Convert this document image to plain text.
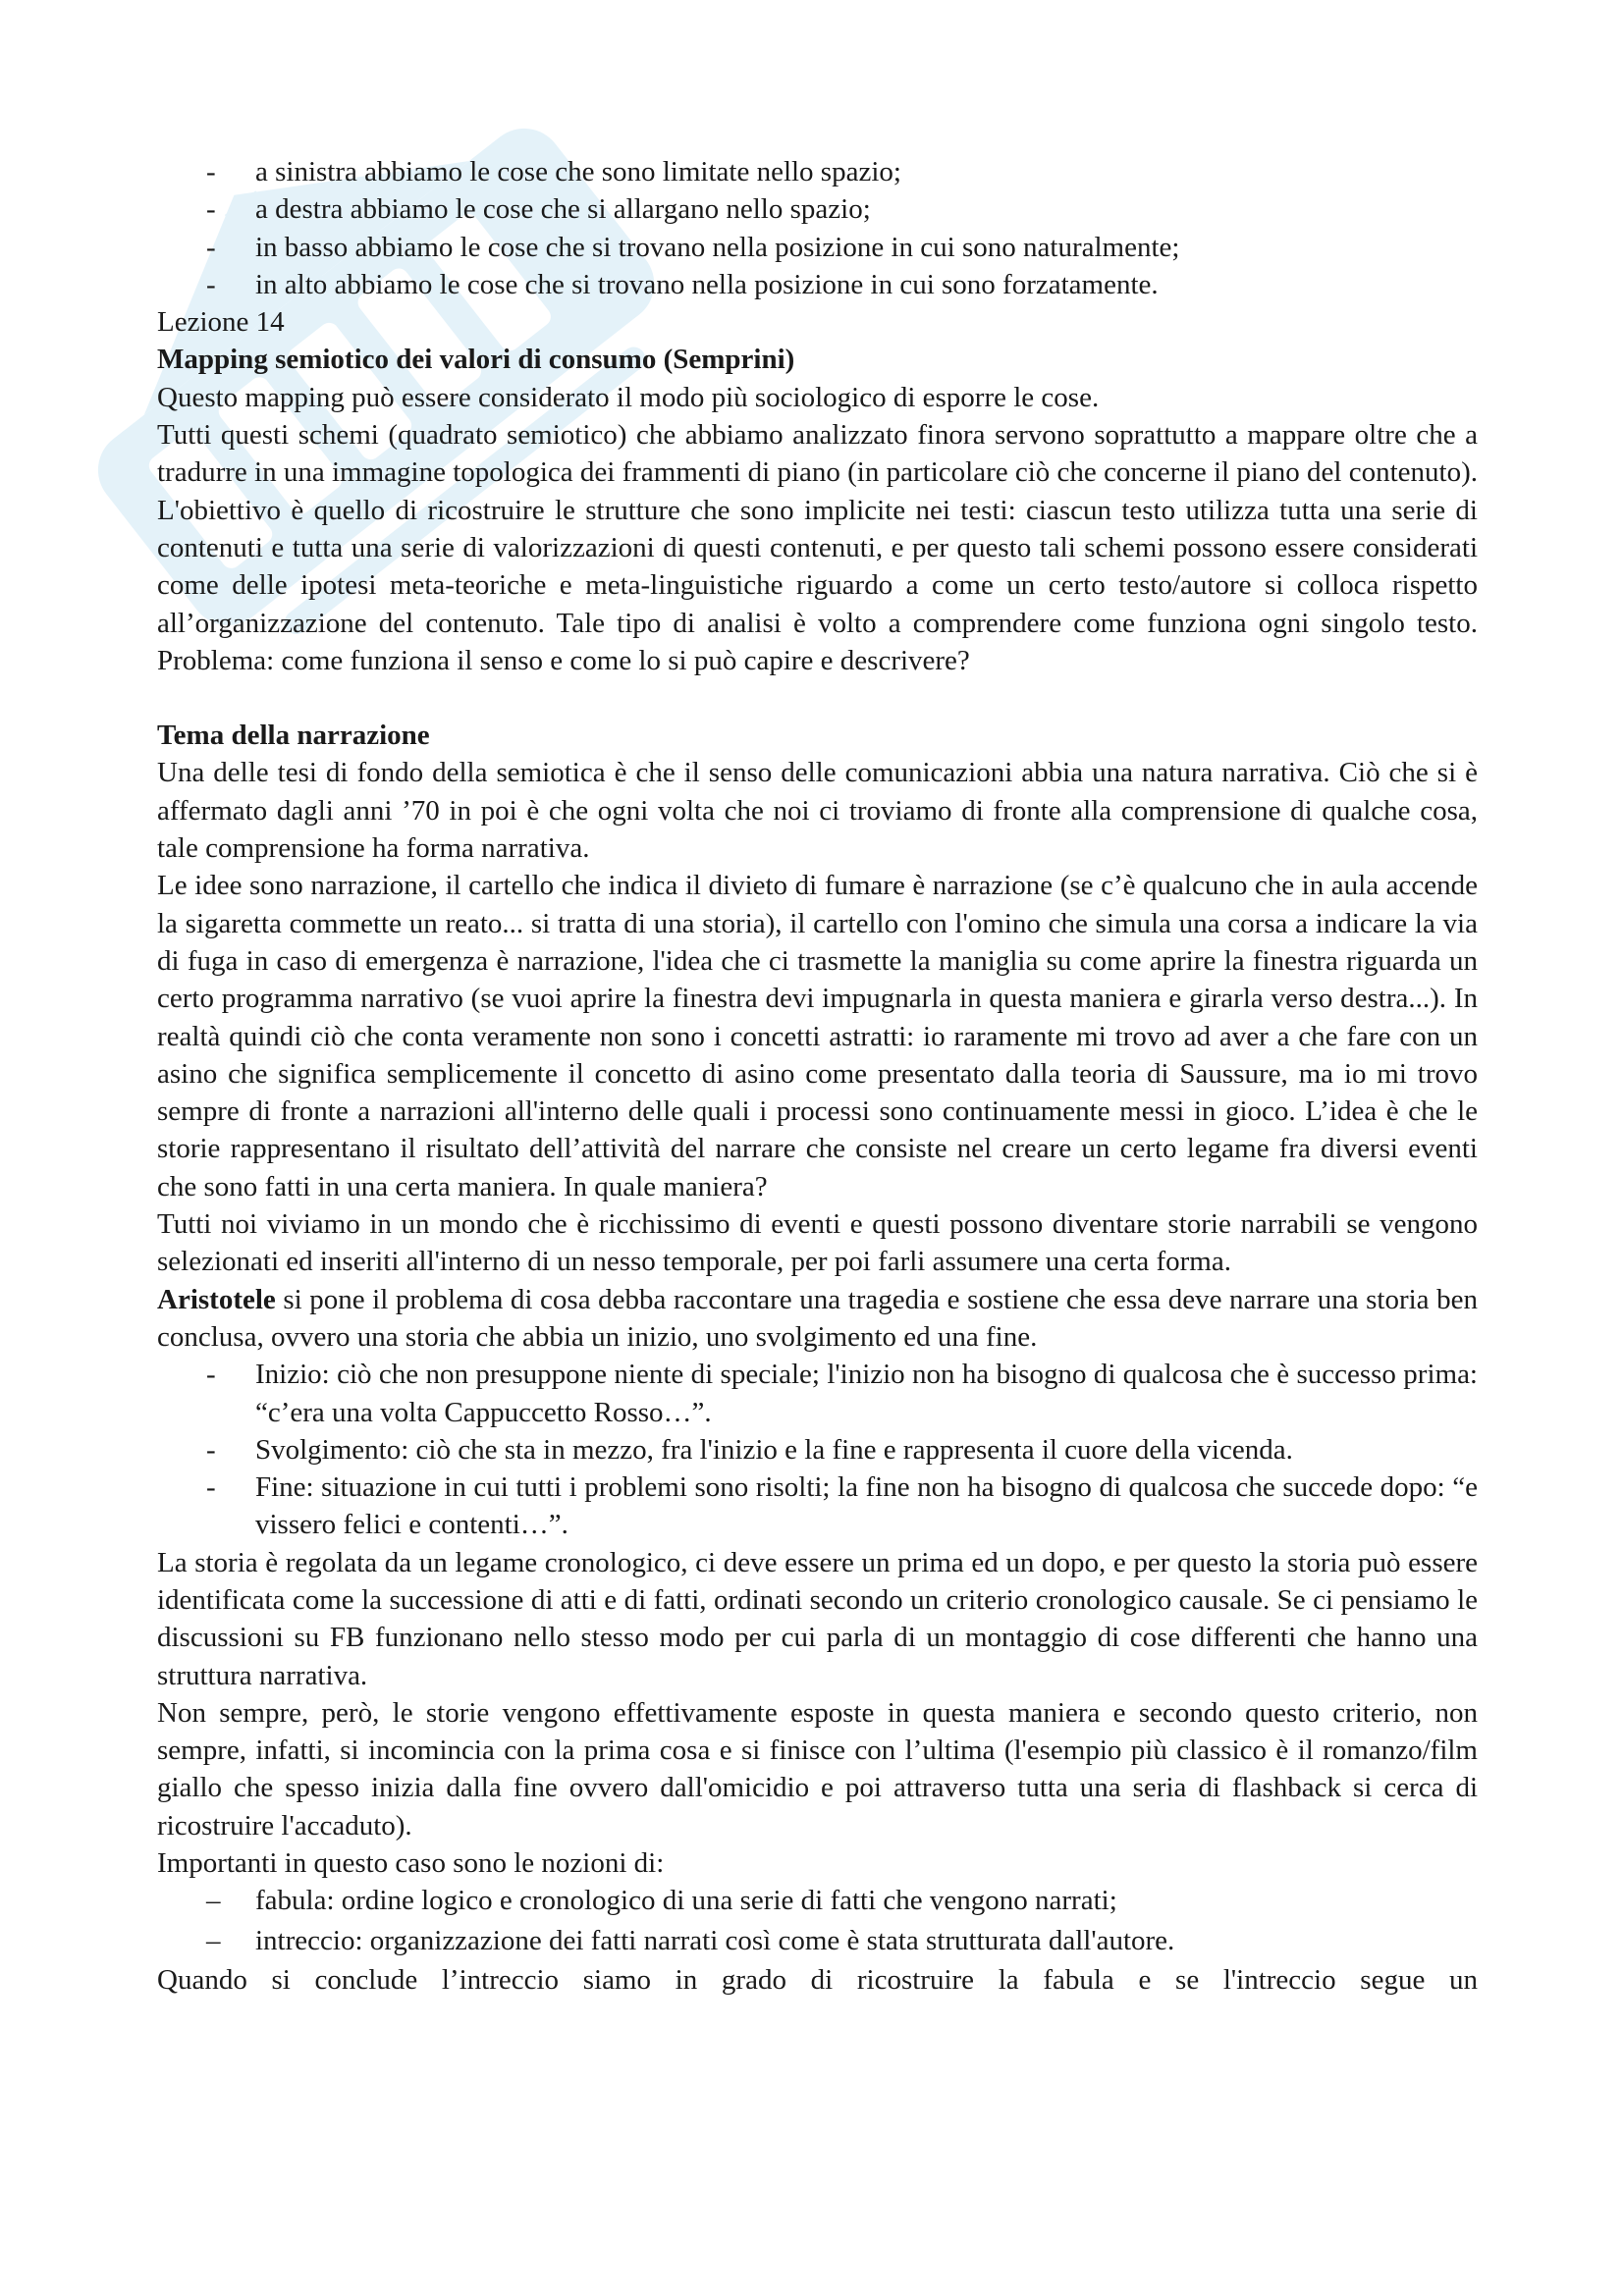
- a sinistra abbiamo le cose che sono limitate nello spazio;
- a destra abbiamo le cose che si allargano nello spazio;
- in basso abbiamo le cose che si trovano nella posizione in cui sono naturalmente;
- in alto abbiamo le cose che si trovano nella posizione in cui sono forzatamente.
Lezione 14
Mapping semiotico dei valori di consumo (Semprini)

Questo mapping può essere considerato il modo più sociologico di esporre le cose.

Tutti questi schemi (quadrato semiotico) che abbiamo analizzato finora servono soprattutto a mappare oltre che a tradurre in una immagine topologica dei frammenti di piano (in particolare ciò che concerne il piano del contenuto). L'obiettivo è quello di ricostruire le strutture che sono implicite nei testi: ciascun testo utilizza tutta una serie di contenuti e tutta una serie di valorizzazioni di questi contenuti, e per questo tali schemi possono essere considerati come delle ipotesi meta-teoriche e meta-linguistiche riguardo a come un certo testo/autore si colloca rispetto all’organizzazione del contenuto. Tale tipo di analisi è volto a comprendere come funziona ogni singolo testo. Problema: come funziona il senso e come lo si può capire e descrivere?

Tema della narrazione

Una delle tesi di fondo della semiotica è che il senso delle comunicazioni abbia una natura narrativa. Ciò che si è affermato dagli anni ’70 in poi è che ogni volta che noi ci troviamo di fronte alla comprensione di qualche cosa, tale comprensione ha forma narrativa.

Le idee sono narrazione, il cartello che indica il divieto di fumare è narrazione (se c’è qualcuno che in aula accende la sigaretta commette un reato... si tratta di una storia), il cartello con l'omino che simula una corsa a indicare la via di fuga in caso di emergenza è narrazione, l'idea che ci trasmette la maniglia su come aprire la finestra riguarda un certo programma narrativo (se vuoi aprire la finestra devi impugnarla in questa maniera e girarla verso destra...). In realtà quindi ciò che conta veramente non sono i concetti astratti: io raramente mi trovo ad aver a che fare con un asino che significa semplicemente il concetto di asino come presentato dalla teoria di Saussure, ma io mi trovo sempre di fronte a narrazioni all'interno delle quali i processi sono continuamente messi in gioco. L’idea è che le storie rappresentano il risultato dell’attività del narrare che consiste nel creare un certo legame fra diversi eventi che sono fatti in una certa maniera. In quale maniera?

Tutti noi viviamo in un mondo che è ricchissimo di eventi e questi possono diventare storie narrabili se vengono selezionati ed inseriti all'interno di un nesso temporale, per poi farli assumere una certa forma.

Aristotele si pone il problema di cosa debba raccontare una tragedia e sostiene che essa deve narrare una storia ben conclusa, ovvero una storia che abbia un inizio, uno svolgimento ed una fine.

- Inizio: ciò che non presuppone niente di speciale; l'inizio non ha bisogno di qualcosa che è successo prima: “c’era una volta Cappuccetto Rosso…”.
- Svolgimento: ciò che sta in mezzo, fra l'inizio e la fine e rappresenta il cuore della vicenda.
- Fine: situazione in cui tutti i problemi sono risolti; la fine non ha bisogno di qualcosa che succede dopo: “e vissero felici e contenti…”.

La storia è regolata da un legame cronologico, ci deve essere un prima ed un dopo, e per questo la storia può essere identificata come la successione di atti e di fatti, ordinati secondo un criterio cronologico causale. Se ci pensiamo le discussioni su FB funzionano nello stesso modo per cui parla di un montaggio di cose differenti che hanno una struttura narrativa.

Non sempre, però, le storie vengono effettivamente esposte in questa maniera e secondo questo criterio, non sempre, infatti, si incomincia con la prima cosa e si finisce con l’ultima (l'esempio più classico è il romanzo/film giallo che spesso inizia dalla fine ovvero dall'omicidio e poi attraverso tutta una seria di flashback si cerca di ricostruire l'accaduto).

Importanti in questo caso sono le nozioni di:
– fabula: ordine logico e cronologico di una serie di fatti che vengono narrati;
– intreccio: organizzazione dei fatti narrati così come è stata strutturata dall'autore.

Quando si conclude l’intreccio siamo in grado di ricostruire la fabula e se l'intreccio segue un
